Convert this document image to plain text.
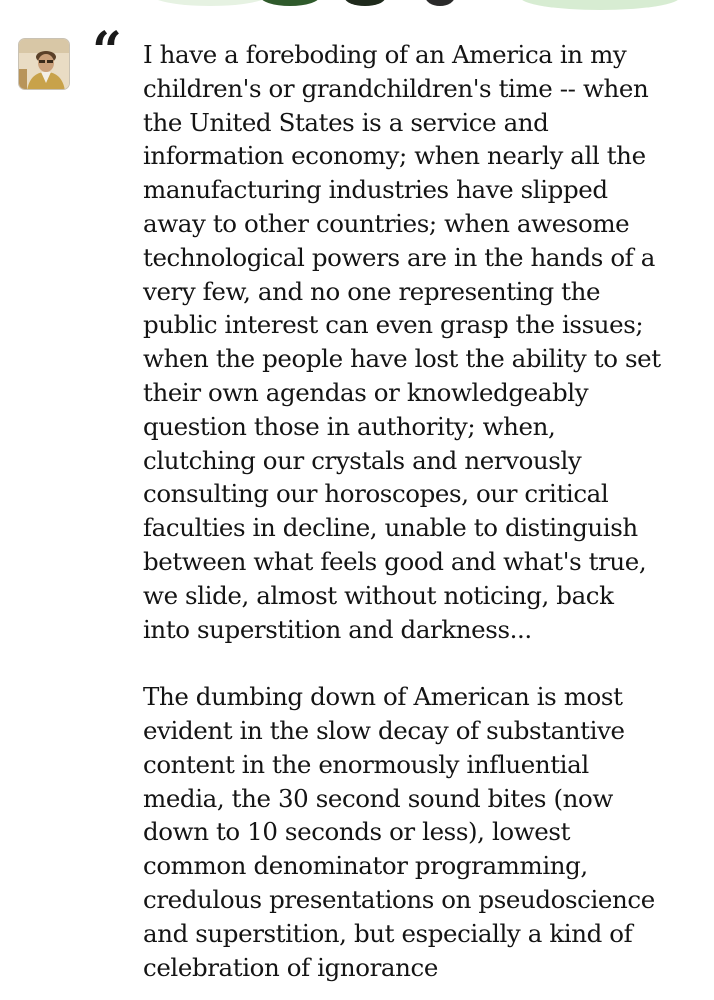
“ I have a foreboding of an America in my
children's or grandchildren's time -- when
the United States is a service and
information economy; when nearly all the
manufacturing industries have slipped
away to other countries; when awesome
technological powers are in the hands of a
very few, and no one representing the
public interest can even grasp the issues;
when the people have lost the ability to set
their own agendas or knowledgeably
question those in authority; when,
clutching our crystals and nervously
consulting our horoscopes, our critical
faculties in decline, unable to distinguish
between what feels good and what's true,
we slide, almost without noticing, back
into superstition and darkness...

The dumbing down of American is most
evident in the slow decay of substantive
content in the enormously influential
media, the 30 second sound bites (now
down to 10 seconds or less), lowest
common denominator programming,
credulous presentations on pseudoscience
and superstition, but especially a kind of
celebration of ignorance
